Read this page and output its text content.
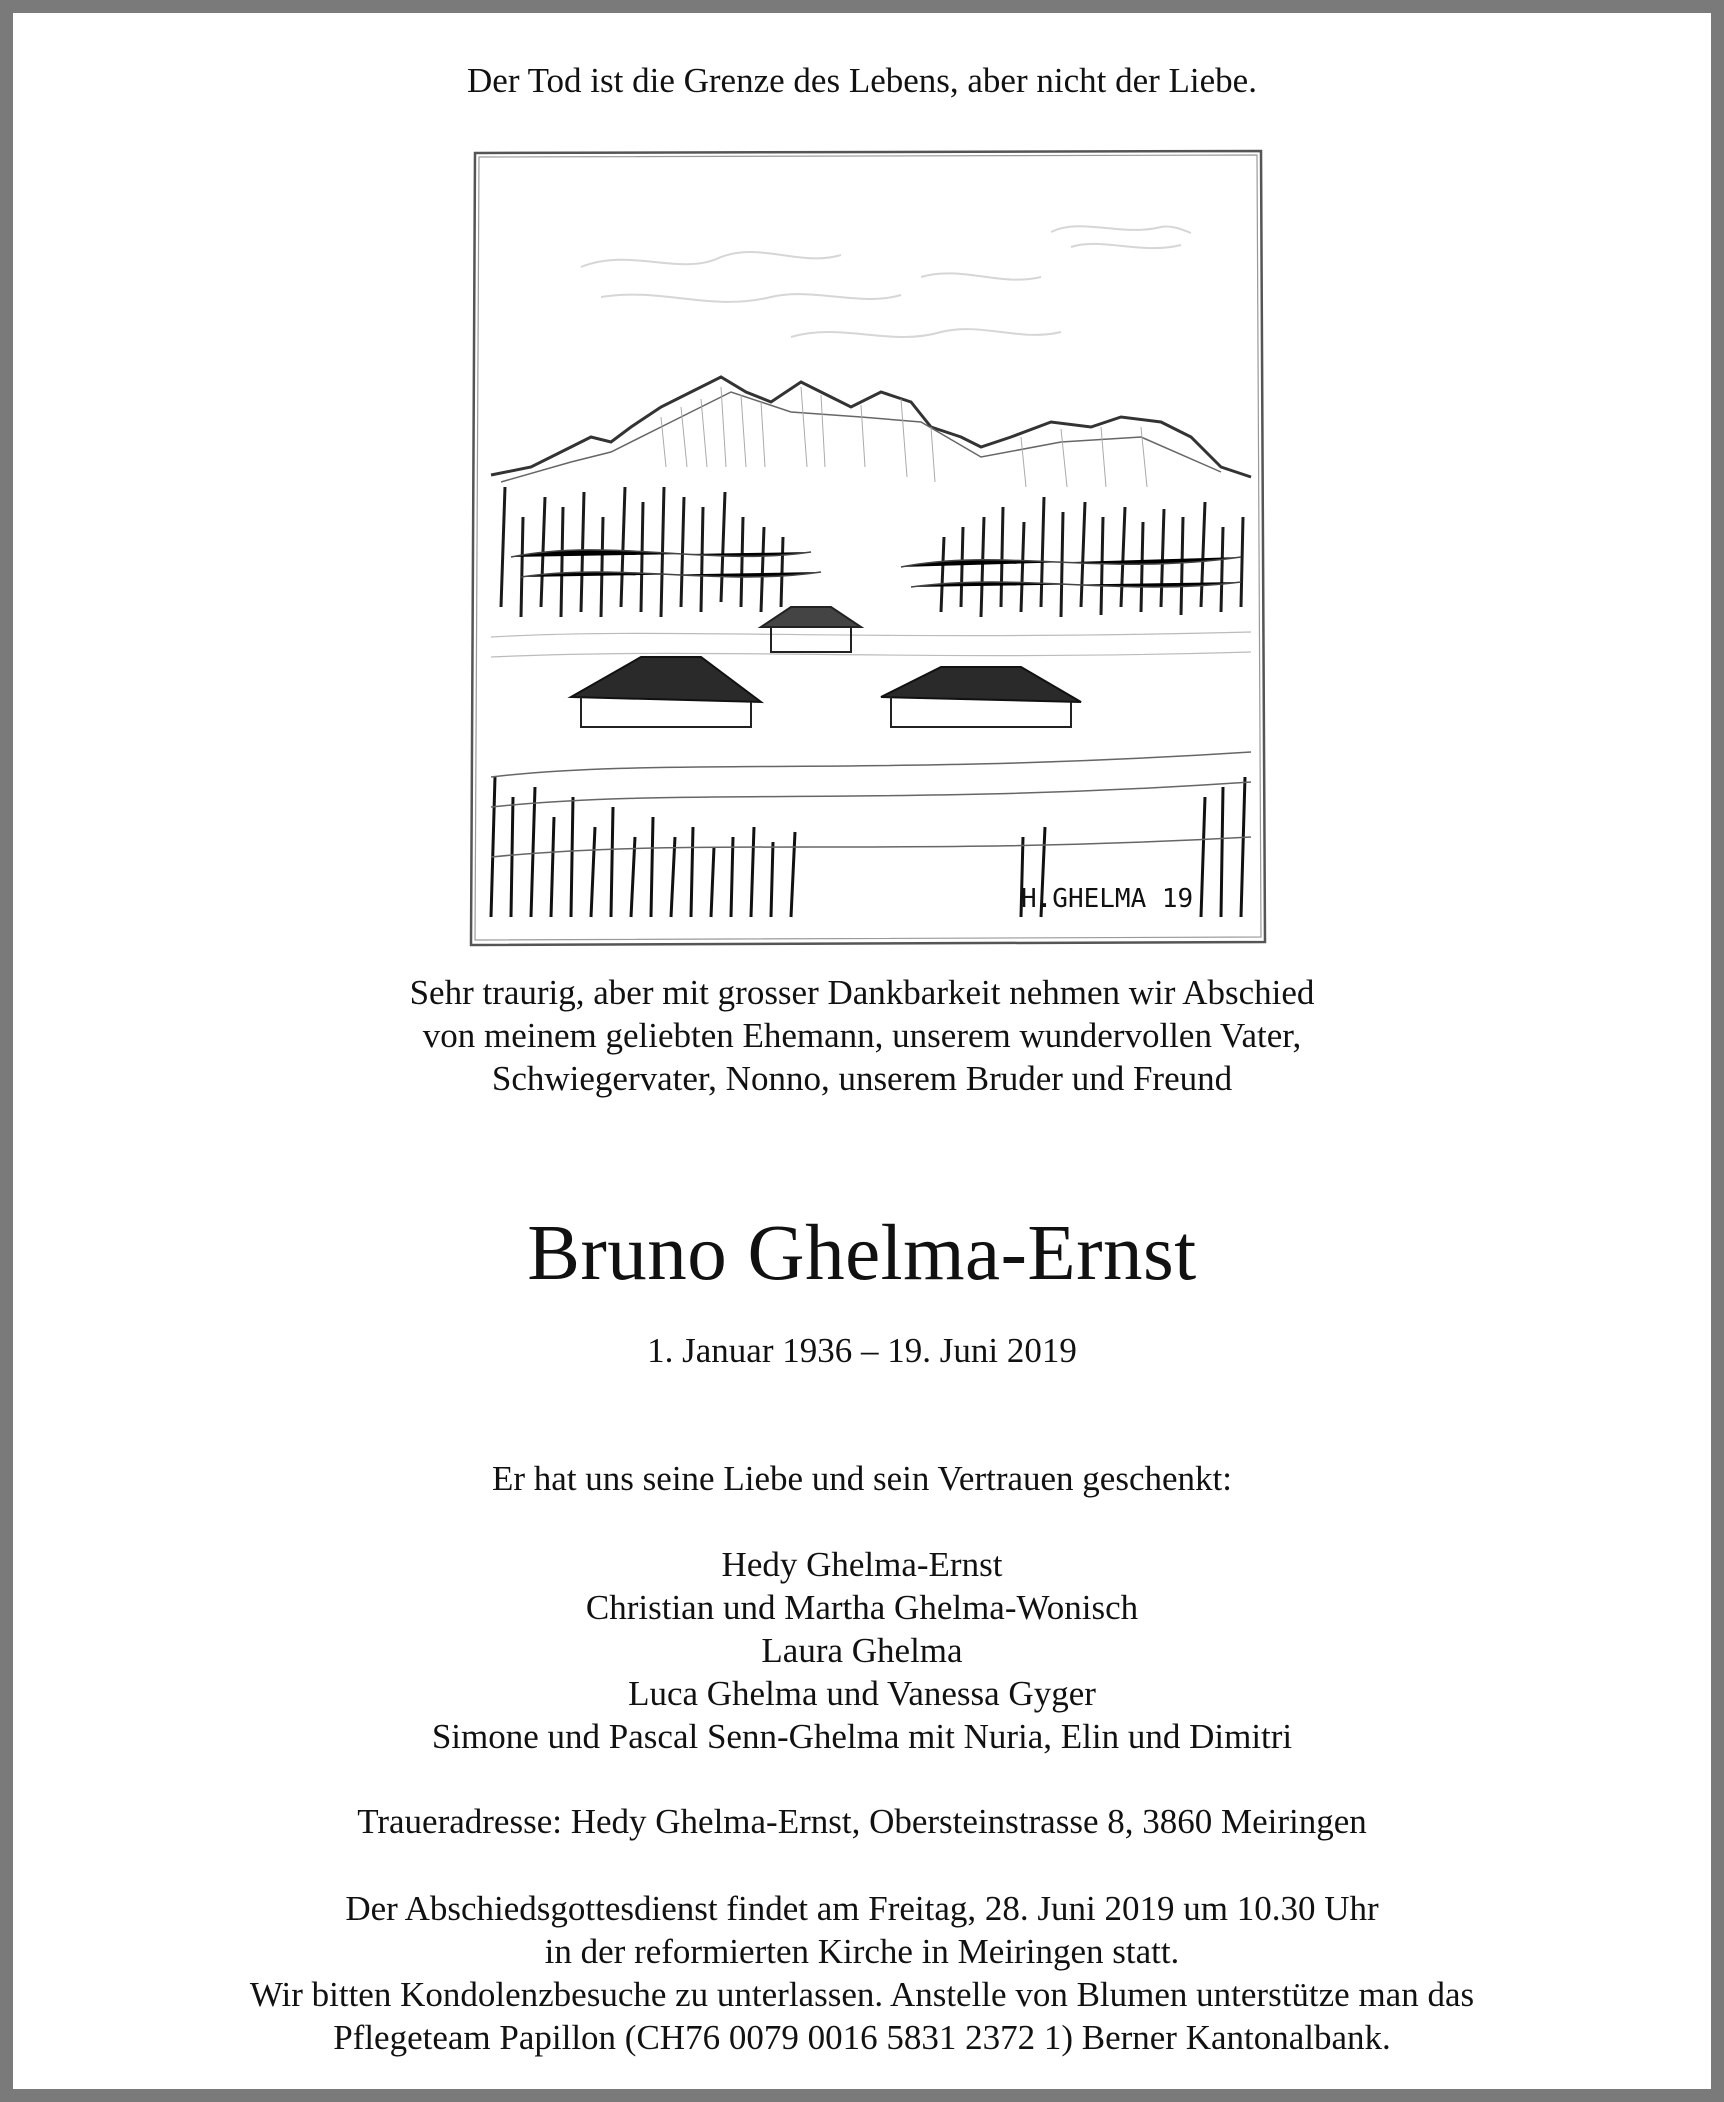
Der Tod ist die Grenze des Lebens, aber nicht der Liebe.
H.GHELMA 19
Sehr traurig, aber mit grosser Dankbarkeit nehmen wir Abschied
von meinem geliebten Ehemann, unserem wundervollen Vater,
Schwiegervater, Nonno, unserem Bruder und Freund
Bruno Ghelma-Ernst
1. Januar 1936 – 19. Juni 2019
Er hat uns seine Liebe und sein Vertrauen geschenkt:
Hedy Ghelma-Ernst
Christian und Martha Ghelma-Wonisch
Laura Ghelma
Luca Ghelma und Vanessa Gyger
Simone und Pascal Senn-Ghelma mit Nuria, Elin und Dimitri
Traueradresse: Hedy Ghelma-Ernst, Obersteinstrasse 8, 3860 Meiringen
Der Abschiedsgottesdienst findet am Freitag, 28. Juni 2019 um 10.30 Uhr
in der reformierten Kirche in Meiringen statt.
Wir bitten Kondolenzbesuche zu unterlassen. Anstelle von Blumen unterstütze man das
Pflegeteam Papillon (CH76 0079 0016 5831 2372 1) Berner Kantonalbank.
